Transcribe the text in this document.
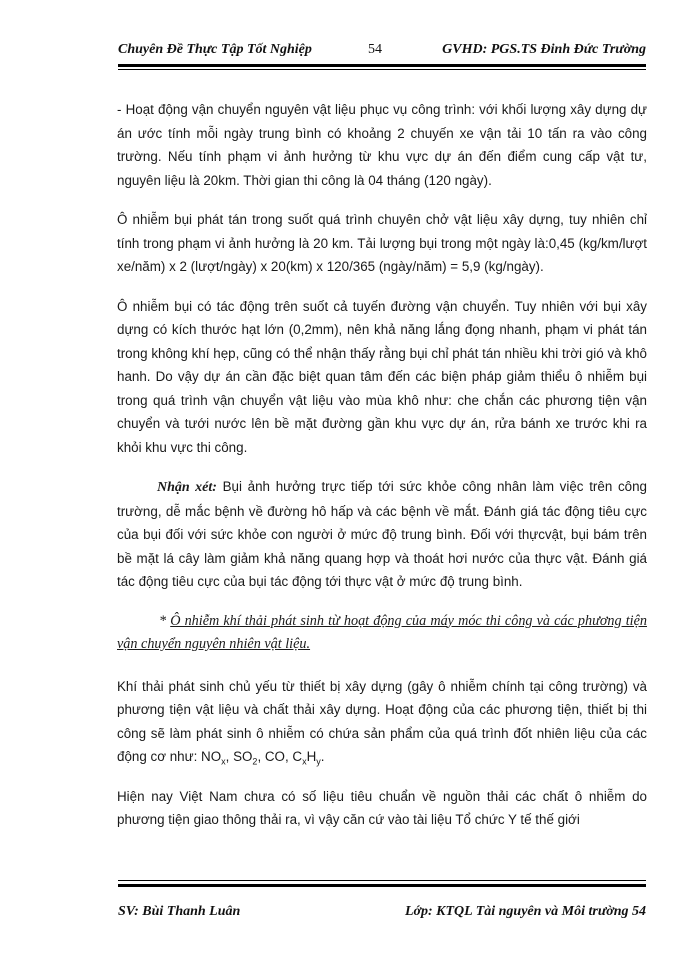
Chuyên Đề Thực Tập Tốt Nghiệp	54	GVHD: PGS.TS Đinh Đức Trường

- Hoạt động vận chuyển nguyên vật liệu phục vụ công trình: với khối lượng xây dựng dự án ước tính mỗi ngày trung bình có khoảng 2 chuyến xe vận tải 10 tấn ra vào công trường. Nếu tính phạm vi ảnh hưởng từ khu vực dự án đến điểm cung cấp vật tư, nguyên liệu là 20km. Thời gian thi công là 04 tháng (120 ngày).

Ô nhiễm bụi phát tán trong suốt quá trình chuyên chở vật liệu xây dựng, tuy nhiên chỉ tính trong phạm vi ảnh hưởng là 20 km. Tải lượng bụi trong một ngày là:0,45 (kg/km/lượt xe/năm) x 2 (lượt/ngày) x 20(km) x 120/365 (ngày/năm) = 5,9 (kg/ngày).

Ô nhiễm bụi có tác động trên suốt cả tuyến đường vận chuyển. Tuy nhiên với bụi xây dựng có kích thước hạt lớn (0,2mm), nên khả năng lắng đọng nhanh, phạm vi phát tán trong không khí hẹp, cũng có thể nhận thấy rằng bụi chỉ phát tán nhiều khi trời gió và khô hanh. Do vậy dự án cần đặc biệt quan tâm đến các biện pháp giảm thiểu ô nhiễm bụi trong quá trình vận chuyển vật liệu vào mùa khô như: che chắn các phương tiện vận chuyển và tưới nước lên bề mặt đường gần khu vực dự án, rửa bánh xe trước khi ra khỏi khu vực thi công.

Nhận xét: Bụi ảnh hưởng trực tiếp tới sức khỏe công nhân làm việc trên công trường, dễ mắc bệnh về đường hô hấp và các bệnh về mắt. Đánh giá tác động tiêu cực của bụi đối với sức khỏe con người ở mức độ trung bình. Đối với thựcvật, bụi bám trên bề mặt lá cây làm giảm khả năng quang hợp và thoát hơi nước của thực vật. Đánh giá tác động tiêu cực của bụi tác động tới thực vật ở mức độ trung bình.

* Ô nhiễm khí thải phát sinh từ hoạt động của máy móc thi công và các phương tiện vận chuyển nguyên nhiên vật liệu.

Khí thải phát sinh chủ yếu từ thiết bị xây dựng (gây ô nhiễm chính tại công trường) và phương tiện vật liệu và chất thải xây dựng. Hoạt động của các phương tiện, thiết bị thi công sẽ làm phát sinh ô nhiễm có chứa sản phẩm của quá trình đốt nhiên liệu của các động cơ như: $NO_x$, $SO_2$, CO, $C_xH_y$.

Hiện nay Việt Nam chưa có số liệu tiêu chuẩn về nguồn thải các chất ô nhiễm do phương tiện giao thông thải ra, vì vậy căn cứ vào tài liệu Tổ chức Y tế thế giới

SV: Bùi Thanh Luân	Lớp: KTQL Tài nguyên và Môi trường 54
